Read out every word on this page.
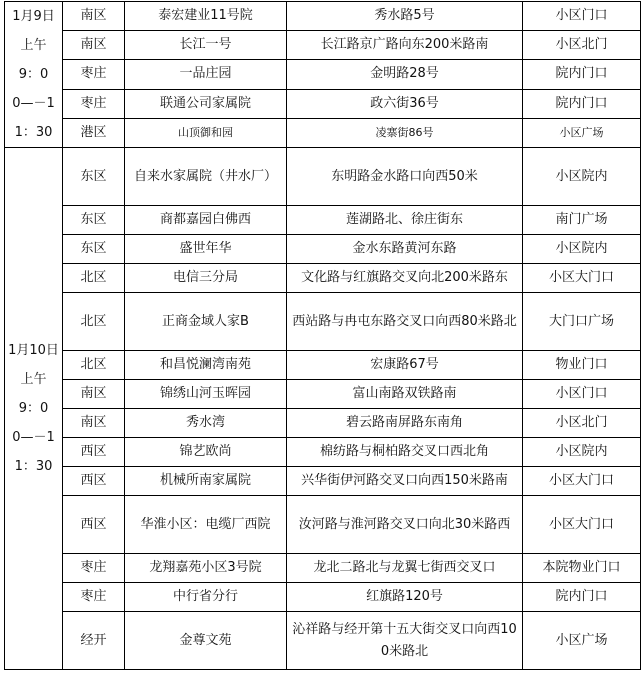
1月9日
上午
9：0
0—－1
1：30	南区	泰宏建业11号院	秀水路5号	小区门口
	南区	长江一号	长江路京广路向东200米路南	小区北门
	枣庄	一品庄园	金明路28号	院内门口
	枣庄	联通公司家属院	政六街36号	院内门口
	港区	山顶御和园	凌寨街86号	小区广场

1月10日
上午
9：0
0—－1
1：30	东区	自来水家属院（井水厂）	东明路金水路口向西50米	小区院内
	东区	商都嘉园白佛西	莲湖路北、徐庄街东	南门广场
	东区	盛世年华	金水东路黄河东路	小区院内
	北区	电信三分局	文化路与红旗路交叉向北200米路东	小区大门口
	北区	正商金域人家B	西站路与冉屯东路交叉口向西80米路北	大门口广场
	北区	和昌悦澜湾南苑	宏康路67号	物业门口
	南区	锦绣山河玉晖园	富山南路双铁路南	小区门口
	南区	秀水湾	碧云路南屏路东南角	小区北门
	西区	锦艺欧尚	棉纺路与桐柏路交叉口西北角	小区院内
	西区	机械所南家属院	兴华街伊河路交叉口向西150米路南	小区大门口
	西区	华淮小区：电缆厂西院	汝河路与淮河路交叉口向北30米路西	小区大门口
	枣庄	龙翔嘉苑小区3号院	龙北二路北与龙翼七街西交叉口	本院物业门口
	枣庄	中行省分行	红旗路120号	院内门口
	经开	金尊文苑	沁祥路与经开第十五大街交叉口向西100米路北	小区广场
